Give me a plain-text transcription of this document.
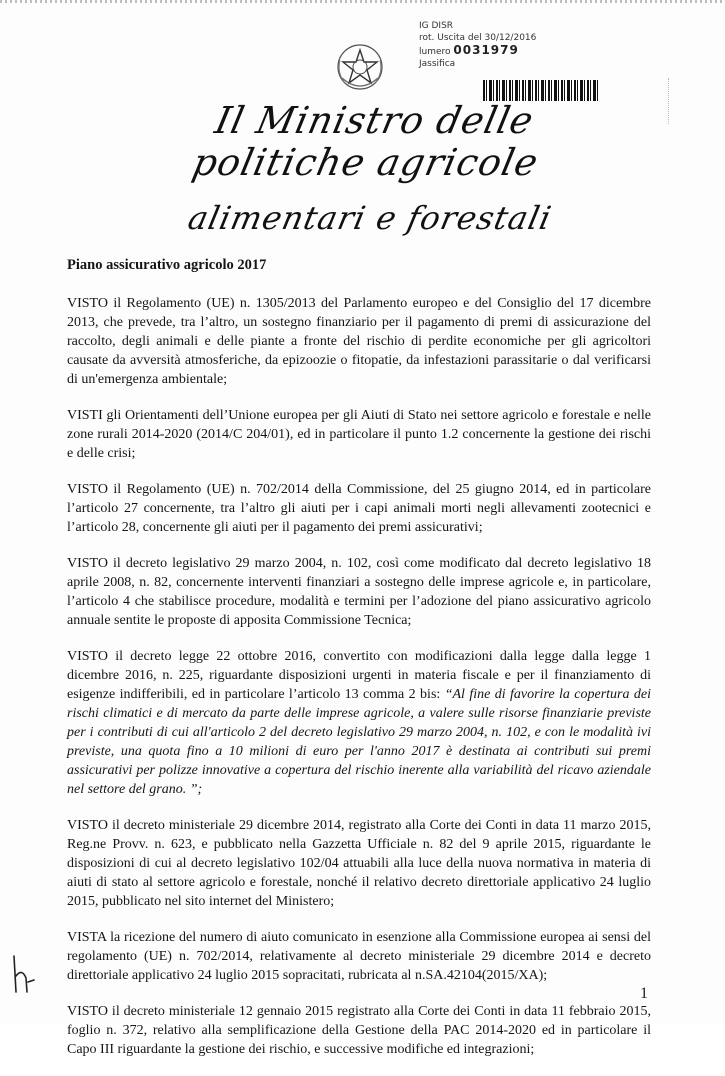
IG DISR
rot. Uscita del 30/12/2016
lumero 0031979
Jassifica
Il Ministro delle politiche agricole
alimentari e forestali
Piano assicurativo agricolo 2017

VISTO il Regolamento (UE) n. 1305/2013 del Parlamento europeo e del Consiglio del 17 dicembre 2013, che prevede, tra l’altro, un sostegno finanziario per il pagamento di premi di assicurazione del raccolto, degli animali e delle piante a fronte del rischio di perdite economiche per gli agricoltori causate da avversità atmosferiche, da epizoozie o fitopatie, da infestazioni parassitarie o dal verificarsi di un'emergenza ambientale;

VISTI gli Orientamenti dell’Unione europea per gli Aiuti di Stato nei settore agricolo e forestale e nelle zone rurali 2014-2020 (2014/C 204/01), ed in particolare il punto 1.2 concernente la gestione dei rischi e delle crisi;

VISTO il Regolamento (UE) n. 702/2014 della Commissione, del 25 giugno 2014, ed in particolare l’articolo 27 concernente, tra l’altro gli aiuti per i capi animali morti negli allevamenti zootecnici e l’articolo 28, concernente gli aiuti per il pagamento dei premi assicurativi;

VISTO il decreto legislativo 29 marzo 2004, n. 102, così come modificato dal decreto legislativo 18 aprile 2008, n. 82, concernente interventi finanziari a sostegno delle imprese agricole e, in particolare, l’articolo 4 che stabilisce procedure, modalità e termini per l’adozione del piano assicurativo agricolo annuale sentite le proposte di apposita Commissione Tecnica;

VISTO il decreto legge 22 ottobre 2016, convertito con modificazioni dalla legge dalla legge 1 dicembre 2016, n. 225, riguardante disposizioni urgenti in materia fiscale e per il finanziamento di esigenze indifferibili, ed in particolare l’articolo 13 comma 2 bis: “Al fine di favorire la copertura dei rischi climatici e di mercato da parte delle imprese agricole, a valere sulle risorse finanziarie previste per i contributi di cui all'articolo 2 del decreto legislativo 29 marzo 2004, n. 102, e con le modalità ivi previste, una quota fino a 10 milioni di euro per l'anno 2017 è destinata ai contributi sui premi assicurativi per polizze innovative a copertura del rischio inerente alla variabilità del ricavo aziendale nel settore del grano. ”;

VISTO il decreto ministeriale 29 dicembre 2014, registrato alla Corte dei Conti in data 11 marzo 2015, Reg.ne Provv. n. 623, e pubblicato nella Gazzetta Ufficiale n. 82 del 9 aprile 2015, riguardante le disposizioni di cui al decreto legislativo 102/04 attuabili alla luce della nuova normativa in materia di aiuti di stato al settore agricolo e forestale, nonché il relativo decreto direttoriale applicativo 24 luglio 2015, pubblicato nel sito internet del Ministero;

VISTA la ricezione del numero di aiuto comunicato in esenzione alla Commissione europea ai sensi del regolamento (UE) n. 702/2014, relativamente al decreto ministeriale 29 dicembre 2014 e decreto direttoriale applicativo 24 luglio 2015 sopracitati, rubricata al n.SA.42104(2015/XA);

VISTO il decreto ministeriale 12 gennaio 2015 registrato alla Corte dei Conti in data 11 febbraio 2015, foglio n. 372, relativo alla semplificazione della Gestione della PAC 2014-2020 ed in particolare il Capo III riguardante la gestione dei rischio, e successive modifiche ed integrazioni;

1
